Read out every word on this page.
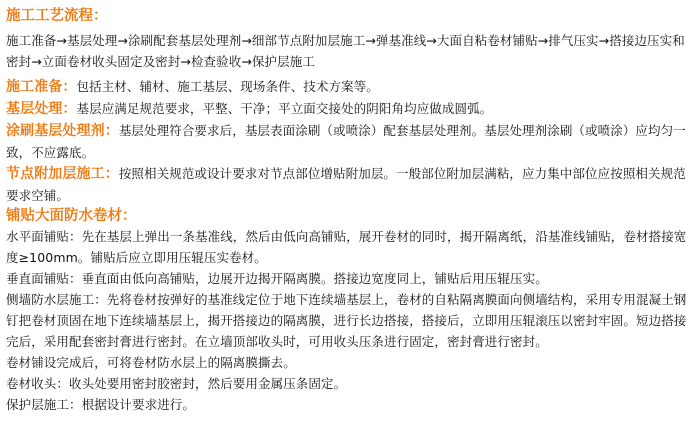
施工工艺流程：

施工准备→基层处理→涂刷配套基层处理剂→细部节点附加层施工→弹基准线→大面自粘卷材铺贴→排气压实→搭接边压实和密封→立面卷材收头固定及密封→检查验收→保护层施工

施工准备：包括主材、辅材、施工基层、现场条件、技术方案等。

基层处理：基层应满足规范要求，平整、干净；平立面交接处的阴阳角均应做成圆弧。

涂刷基层处理剂：基层处理符合要求后，基层表面涂刷（或喷涂）配套基层处理剂。基层处理剂涂刷（或喷涂）应均匀一致，不应露底。

节点附加层施工：按照相关规范或设计要求对节点部位增贴附加层。一般部位附加层满粘，应力集中部位应按照相关规范要求空铺。

铺贴大面防水卷材：

水平面铺贴：先在基层上弹出一条基准线，然后由低向高铺贴，展开卷材的同时，揭开隔离纸，沿基准线铺贴，卷材搭接宽度≥100mm。铺贴后应立即用压辊压实卷材。

垂直面铺贴：垂直面由低向高铺贴，边展开边揭开隔离膜。搭接边宽度同上，铺贴后用压辊压实。

侧墙防水层施工：先将卷材按弹好的基准线定位于地下连续墙基层上，卷材的自粘隔离膜面向侧墙结构，采用专用混凝土钢钉把卷材顶固在地下连续墙基层上，揭开搭接边的隔离膜，进行长边搭接，搭接后，立即用压辊滚压以密封牢固。短边搭接完后，采用配套密封膏进行密封。在立墙顶部收头时，可用收头压条进行固定，密封膏进行密封。

卷材铺设完成后，可将卷材防水层上的隔离膜撕去。

卷材收头：收头处要用密封胶密封，然后要用金属压条固定。

保护层施工：根据设计要求进行。
